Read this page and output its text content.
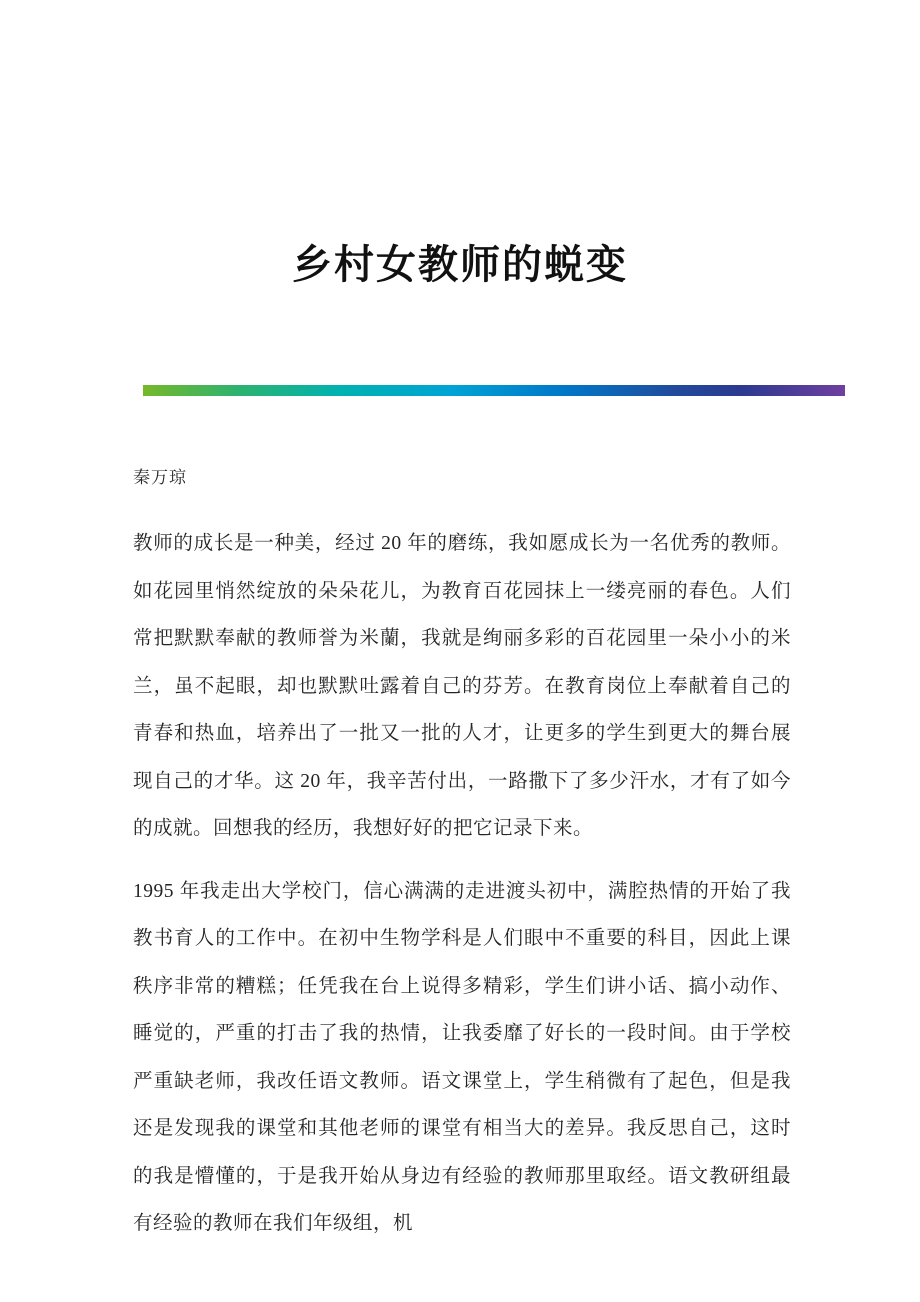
乡村女教师的蜕变
秦万琼

教师的成长是一种美，经过 20 年的磨练，我如愿成长为一名优秀的教师。如花园里悄然绽放的朵朵花儿，为教育百花园抹上一缕亮丽的春色。人们常把默默奉献的教师誉为米蘭，我就是绚丽多彩的百花园里一朵小小的米兰，虽不起眼，却也默默吐露着自己的芬芳。在教育岗位上奉献着自己的青春和热血，培养出了一批又一批的人才，让更多的学生到更大的舞台展现自己的才华。这 20 年，我辛苦付出，一路撒下了多少汗水，才有了如今的成就。回想我的经历，我想好好的把它记录下来。

1995 年我走出大学校门，信心满满的走进渡头初中，满腔热情的开始了我教书育人的工作中。在初中生物学科是人们眼中不重要的科目，因此上课秩序非常的糟糕；任凭我在台上说得多精彩，学生们讲小话、搞小动作、睡觉的，严重的打击了我的热情，让我委靡了好长的一段时间。由于学校严重缺老师，我改任语文教师。语文课堂上，学生稍微有了起色，但是我还是发现我的课堂和其他老师的课堂有相当大的差异。我反思自己，这时的我是懵懂的，于是我开始从身边有经验的教师那里取经。语文教研组最有经验的教师在我们年级组，机
